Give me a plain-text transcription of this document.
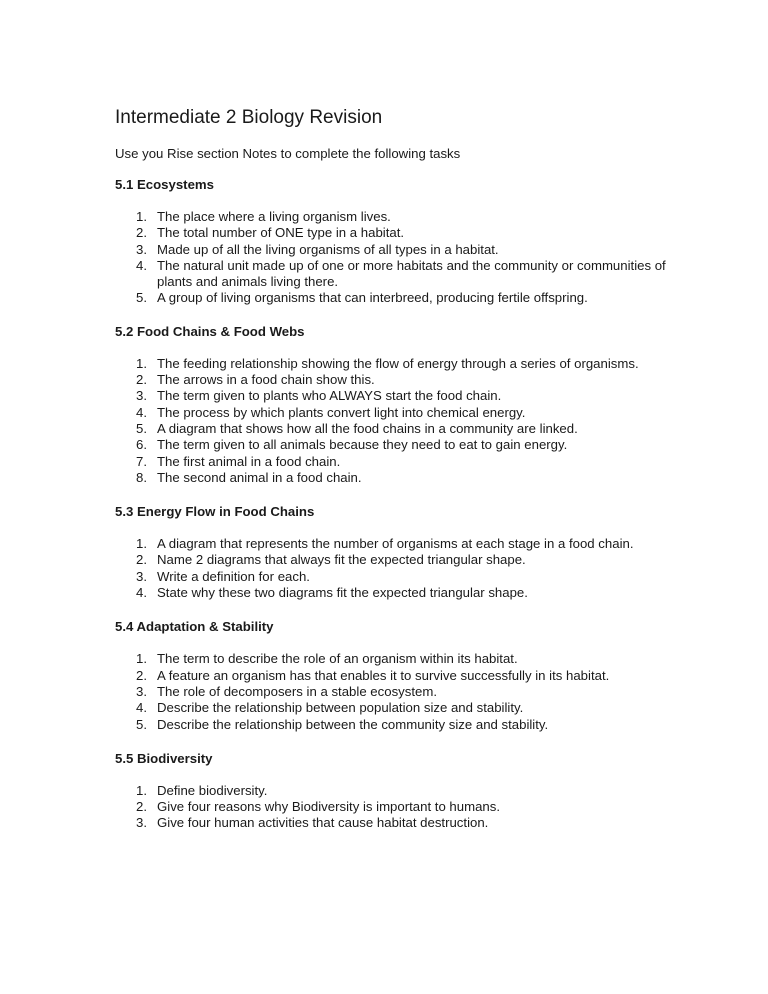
Intermediate 2 Biology Revision

Use you Rise section Notes to complete the following tasks

5.1 Ecosystems
1. The place where a living organism lives.
2. The total number of ONE type in a habitat.
3. Made up of all the living organisms of all types in a habitat.
4. The natural unit made up of one or more habitats and the community or communities of plants and animals living there.
5. A group of living organisms that can interbreed, producing fertile offspring.
5.2 Food Chains & Food Webs
1. The feeding relationship showing the flow of energy through a series of organisms.
2. The arrows in a food chain show this.
3. The term given to plants who ALWAYS start the food chain.
4. The process by which plants convert light into chemical energy.
5. A diagram that shows how all the food chains in a community are linked.
6. The term given to all animals because they need to eat to gain energy.
7. The first animal in a food chain.
8. The second animal in a food chain.
5.3 Energy Flow in Food Chains
1. A diagram that represents the number of organisms at each stage in a food chain.
2. Name 2 diagrams that always fit the expected triangular shape.
3. Write a definition for each.
4. State why these two diagrams fit the expected triangular shape.
5.4 Adaptation & Stability
1. The term to describe the role of an organism within its habitat.
2. A feature an organism has that enables it to survive successfully in its habitat.
3. The role of decomposers in a stable ecosystem.
4. Describe the relationship between population size and stability.
5. Describe the relationship between the community size and stability.
5.5 Biodiversity
1. Define biodiversity.
2. Give four reasons why Biodiversity is important to humans.
3. Give four human activities that cause habitat destruction.
